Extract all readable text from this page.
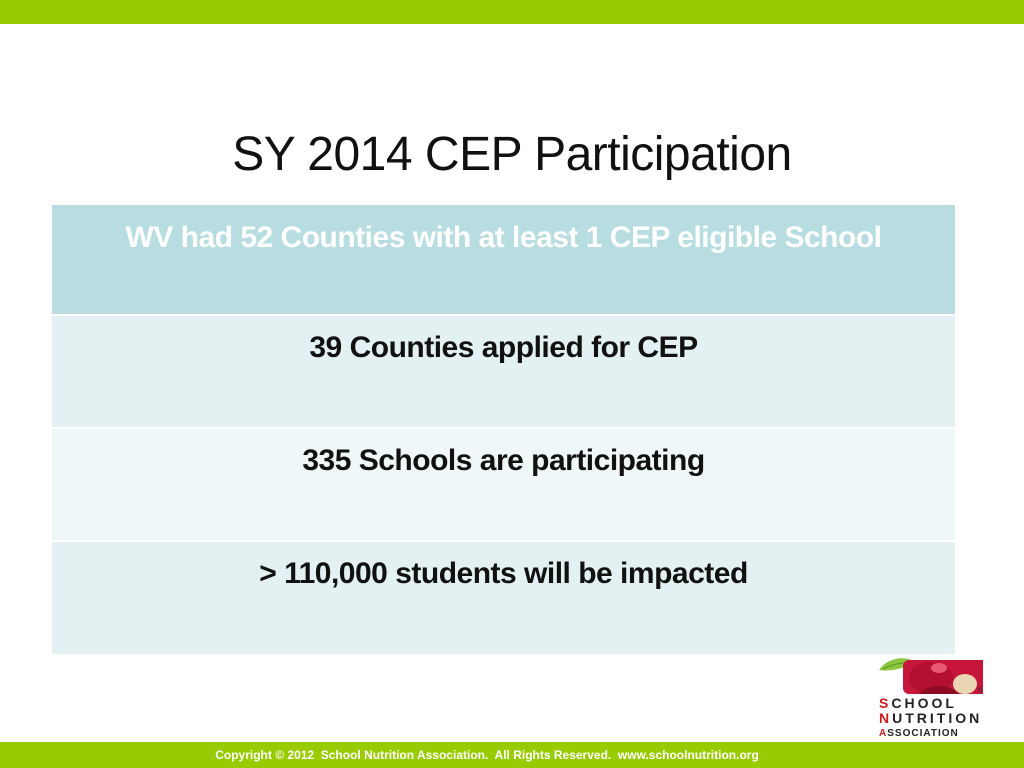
SY 2014 CEP Participation
WV had 52 Counties with at least 1 CEP eligible School
39 Counties applied for CEP
335 Schools are participating
> 110,000 students will be impacted
®
SCHOOL
NUTRITION
ASSOCIATION
Copyright © 2012  School Nutrition Association.  All Rights Reserved.  www.schoolnutrition.org
